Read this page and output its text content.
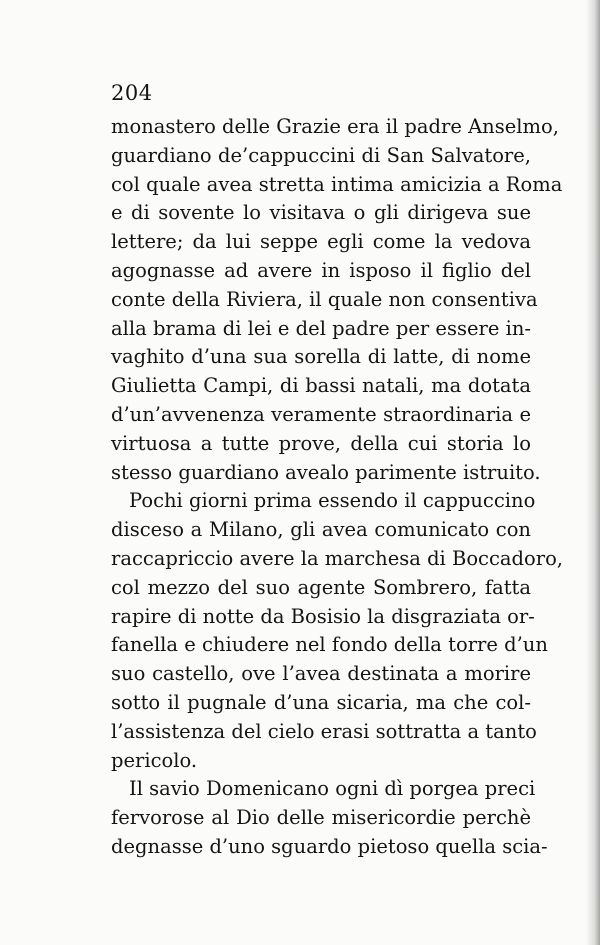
204
monastero delle Grazie era il padre Anselmo,
guardiano de’cappuccini di San Salvatore,
col quale avea stretta intima amicizia a Roma
e di sovente lo visitava o gli dirigeva sue
lettere; da lui seppe egli come la vedova
agognasse ad avere in isposo il figlio del
conte della Riviera, il quale non consentiva
alla brama di lei e del padre per essere in-
vaghito d’una sua sorella di latte, di nome
Giulietta Campi, di bassi natali, ma dotata
d’un’avvenenza veramente straordinaria e
virtuosa a tutte prove, della cui storia lo
stesso guardiano avealo parimente istruito.
Pochi giorni prima essendo il cappuccino
disceso a Milano, gli avea comunicato con
raccapriccio avere la marchesa di Boccadoro,
col mezzo del suo agente Sombrero, fatta
rapire di notte da Bosisio la disgraziata or-
fanella e chiudere nel fondo della torre d’un
suo castello, ove l’avea destinata a morire
sotto il pugnale d’una sicaria, ma che col-
l’assistenza del cielo erasi sottratta a tanto
pericolo.
Il savio Domenicano ogni dì porgea preci
fervorose al Dio delle misericordie perchè
degnasse d’uno sguardo pietoso quella scia-
